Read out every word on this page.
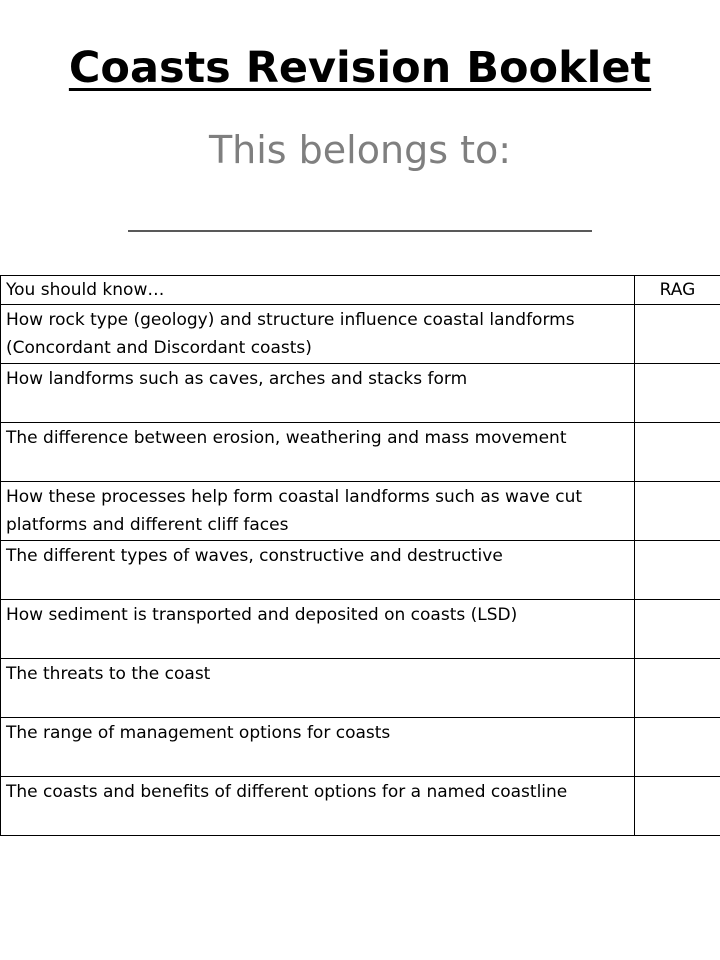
Coasts Revision Booklet

This belongs to:

You should know…	RAG
How rock type (geology) and structure influence coastal landforms (Concordant and Discordant coasts)	
How landforms such as caves, arches and stacks form	
The difference between erosion, weathering and mass movement	
How these processes help form coastal landforms such as wave cut platforms and different cliff faces	
The different types of waves, constructive and destructive	
How sediment is transported and deposited on coasts (LSD)	
The threats to the coast	
The range of management options for coasts	
The coasts and benefits of different options for a named coastline	
